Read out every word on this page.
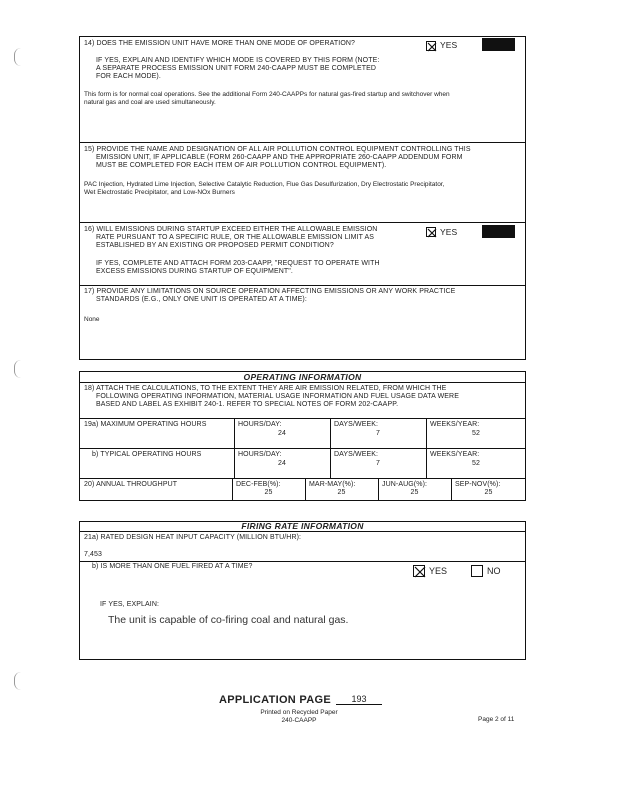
14) DOES THE EMISSION UNIT HAVE MORE THAN ONE MODE OF OPERATION?	YES
IF YES, EXPLAIN AND IDENTIFY WHICH MODE IS COVERED BY THIS FORM (NOTE:
A SEPARATE PROCESS EMISSION UNIT FORM 240-CAAPP MUST BE COMPLETED
FOR EACH MODE).
This form is for normal coal operations. See the additional Form 240-CAAPPs for natural gas-fired startup and switchover when
natural gas and coal are used simultaneously.
15) PROVIDE THE NAME AND DESIGNATION OF ALL AIR POLLUTION CONTROL EQUIPMENT CONTROLLING THIS
EMISSION UNIT, IF APPLICABLE (FORM 260-CAAPP AND THE APPROPRIATE 260-CAAPP ADDENDUM FORM
MUST BE COMPLETED FOR EACH ITEM OF AIR POLLUTION CONTROL EQUIPMENT).
PAC Injection, Hydrated Lime Injection, Selective Catalytic Reduction, Flue Gas Desulfurization, Dry Electrostatic Precipitator,
Wet Electrostatic Precipitator, and Low-NOx Burners
16) WILL EMISSIONS DURING STARTUP EXCEED EITHER THE ALLOWABLE EMISSION
RATE PURSUANT TO A SPECIFIC RULE, OR THE ALLOWABLE EMISSION LIMIT AS
ESTABLISHED BY AN EXISTING OR PROPOSED PERMIT CONDITION?
YES
IF YES, COMPLETE AND ATTACH FORM 203-CAAPP, "REQUEST TO OPERATE WITH
EXCESS EMISSIONS DURING STARTUP OF EQUIPMENT".
17) PROVIDE ANY LIMITATIONS ON SOURCE OPERATION AFFECTING EMISSIONS OR ANY WORK PRACTICE
STANDARDS (E.G., ONLY ONE UNIT IS OPERATED AT A TIME):
None
OPERATING INFORMATION
18) ATTACH THE CALCULATIONS, TO THE EXTENT THEY ARE AIR EMISSION RELATED, FROM WHICH THE
FOLLOWING OPERATING INFORMATION, MATERIAL USAGE INFORMATION AND FUEL USAGE DATA WERE
BASED AND LABEL AS EXHIBIT 240-1. REFER TO SPECIAL NOTES OF FORM 202-CAAPP.
19a) MAXIMUM OPERATING HOURS	HOURS/DAY:
24
DAYS/WEEK:
7
WEEKS/YEAR:
52
b) TYPICAL OPERATING HOURS	HOURS/DAY:
24
DAYS/WEEK:
7
WEEKS/YEAR:
52
20) ANNUAL THROUGHPUT	DEC-FEB(%):
25
MAR-MAY(%):
25
JUN-AUG(%):
25
SEP-NOV(%):
25
FIRING RATE INFORMATION
21a) RATED DESIGN HEAT INPUT CAPACITY (MILLION BTU/HR):
7,453
b) IS MORE THAN ONE FUEL FIRED AT A TIME?	YES	NO
IF YES, EXPLAIN:
The unit is capable of co-firing coal and natural gas.
APPLICATION PAGE	193
Printed on Recycled Paper
240-CAAPP	Page 2 of 11
